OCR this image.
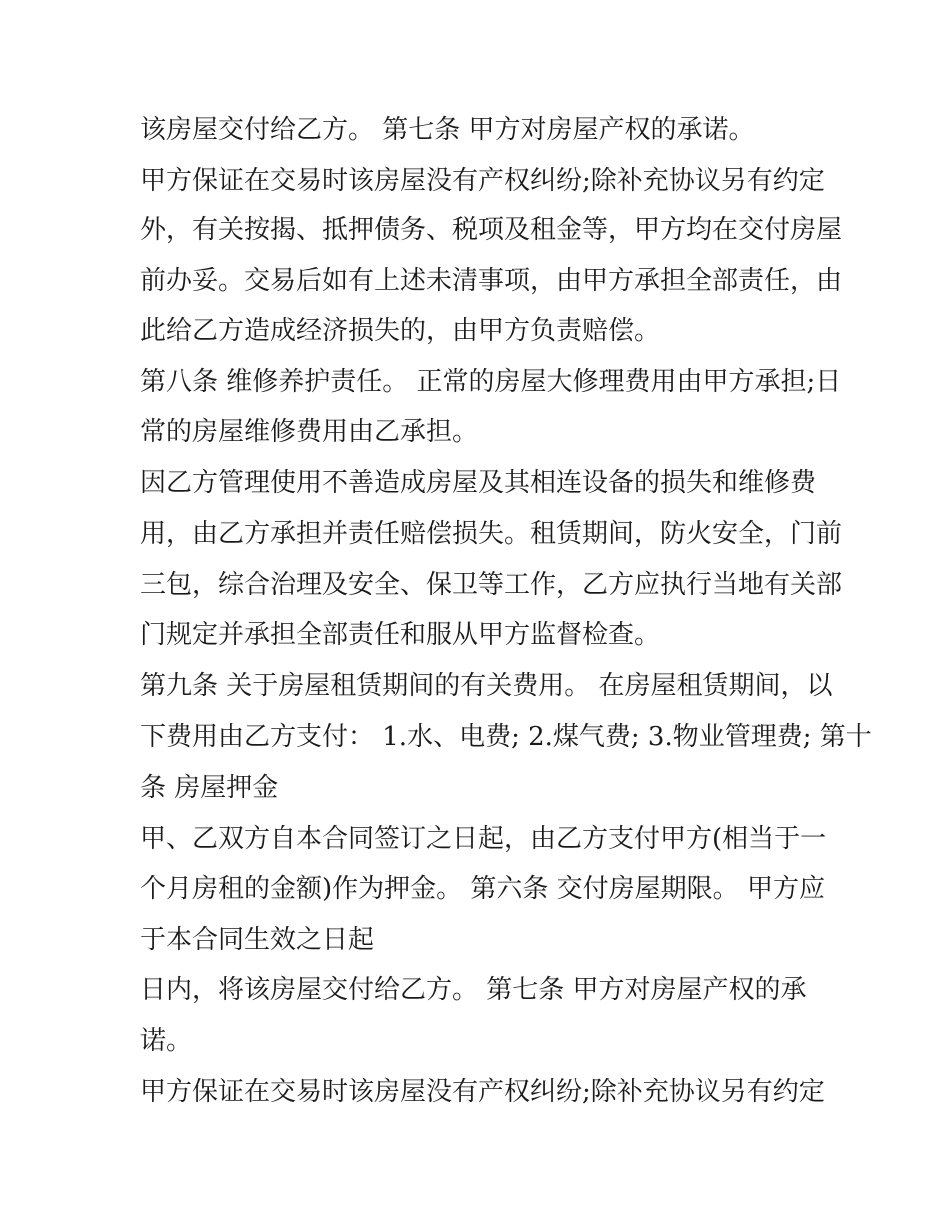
该房屋交付给乙方。 第七条 甲方对房屋产权的承诺。
甲方保证在交易时该房屋没有产权纠纷;除补充协议另有约定
外，有关按揭、抵押债务、税项及租金等，甲方均在交付房屋
前办妥。交易后如有上述未清事项，由甲方承担全部责任，由
此给乙方造成经济损失的，由甲方负责赔偿。
第八条 维修养护责任。 正常的房屋大修理费用由甲方承担;日
常的房屋维修费用由乙承担。
因乙方管理使用不善造成房屋及其相连设备的损失和维修费
用，由乙方承担并责任赔偿损失。租赁期间，防火安全，门前
三包，综合治理及安全、保卫等工作，乙方应执行当地有关部
门规定并承担全部责任和服从甲方监督检查。
第九条 关于房屋租赁期间的有关费用。 在房屋租赁期间，以
下费用由乙方支付： 1.水、电费; 2.煤气费; 3.物业管理费; 第十
条 房屋押金
甲、乙双方自本合同签订之日起，由乙方支付甲方(相当于一
个月房租的金额)作为押金。 第六条 交付房屋期限。 甲方应
于本合同生效之日起
日内，将该房屋交付给乙方。 第七条 甲方对房屋产权的承
诺。
甲方保证在交易时该房屋没有产权纠纷;除补充协议另有约定
